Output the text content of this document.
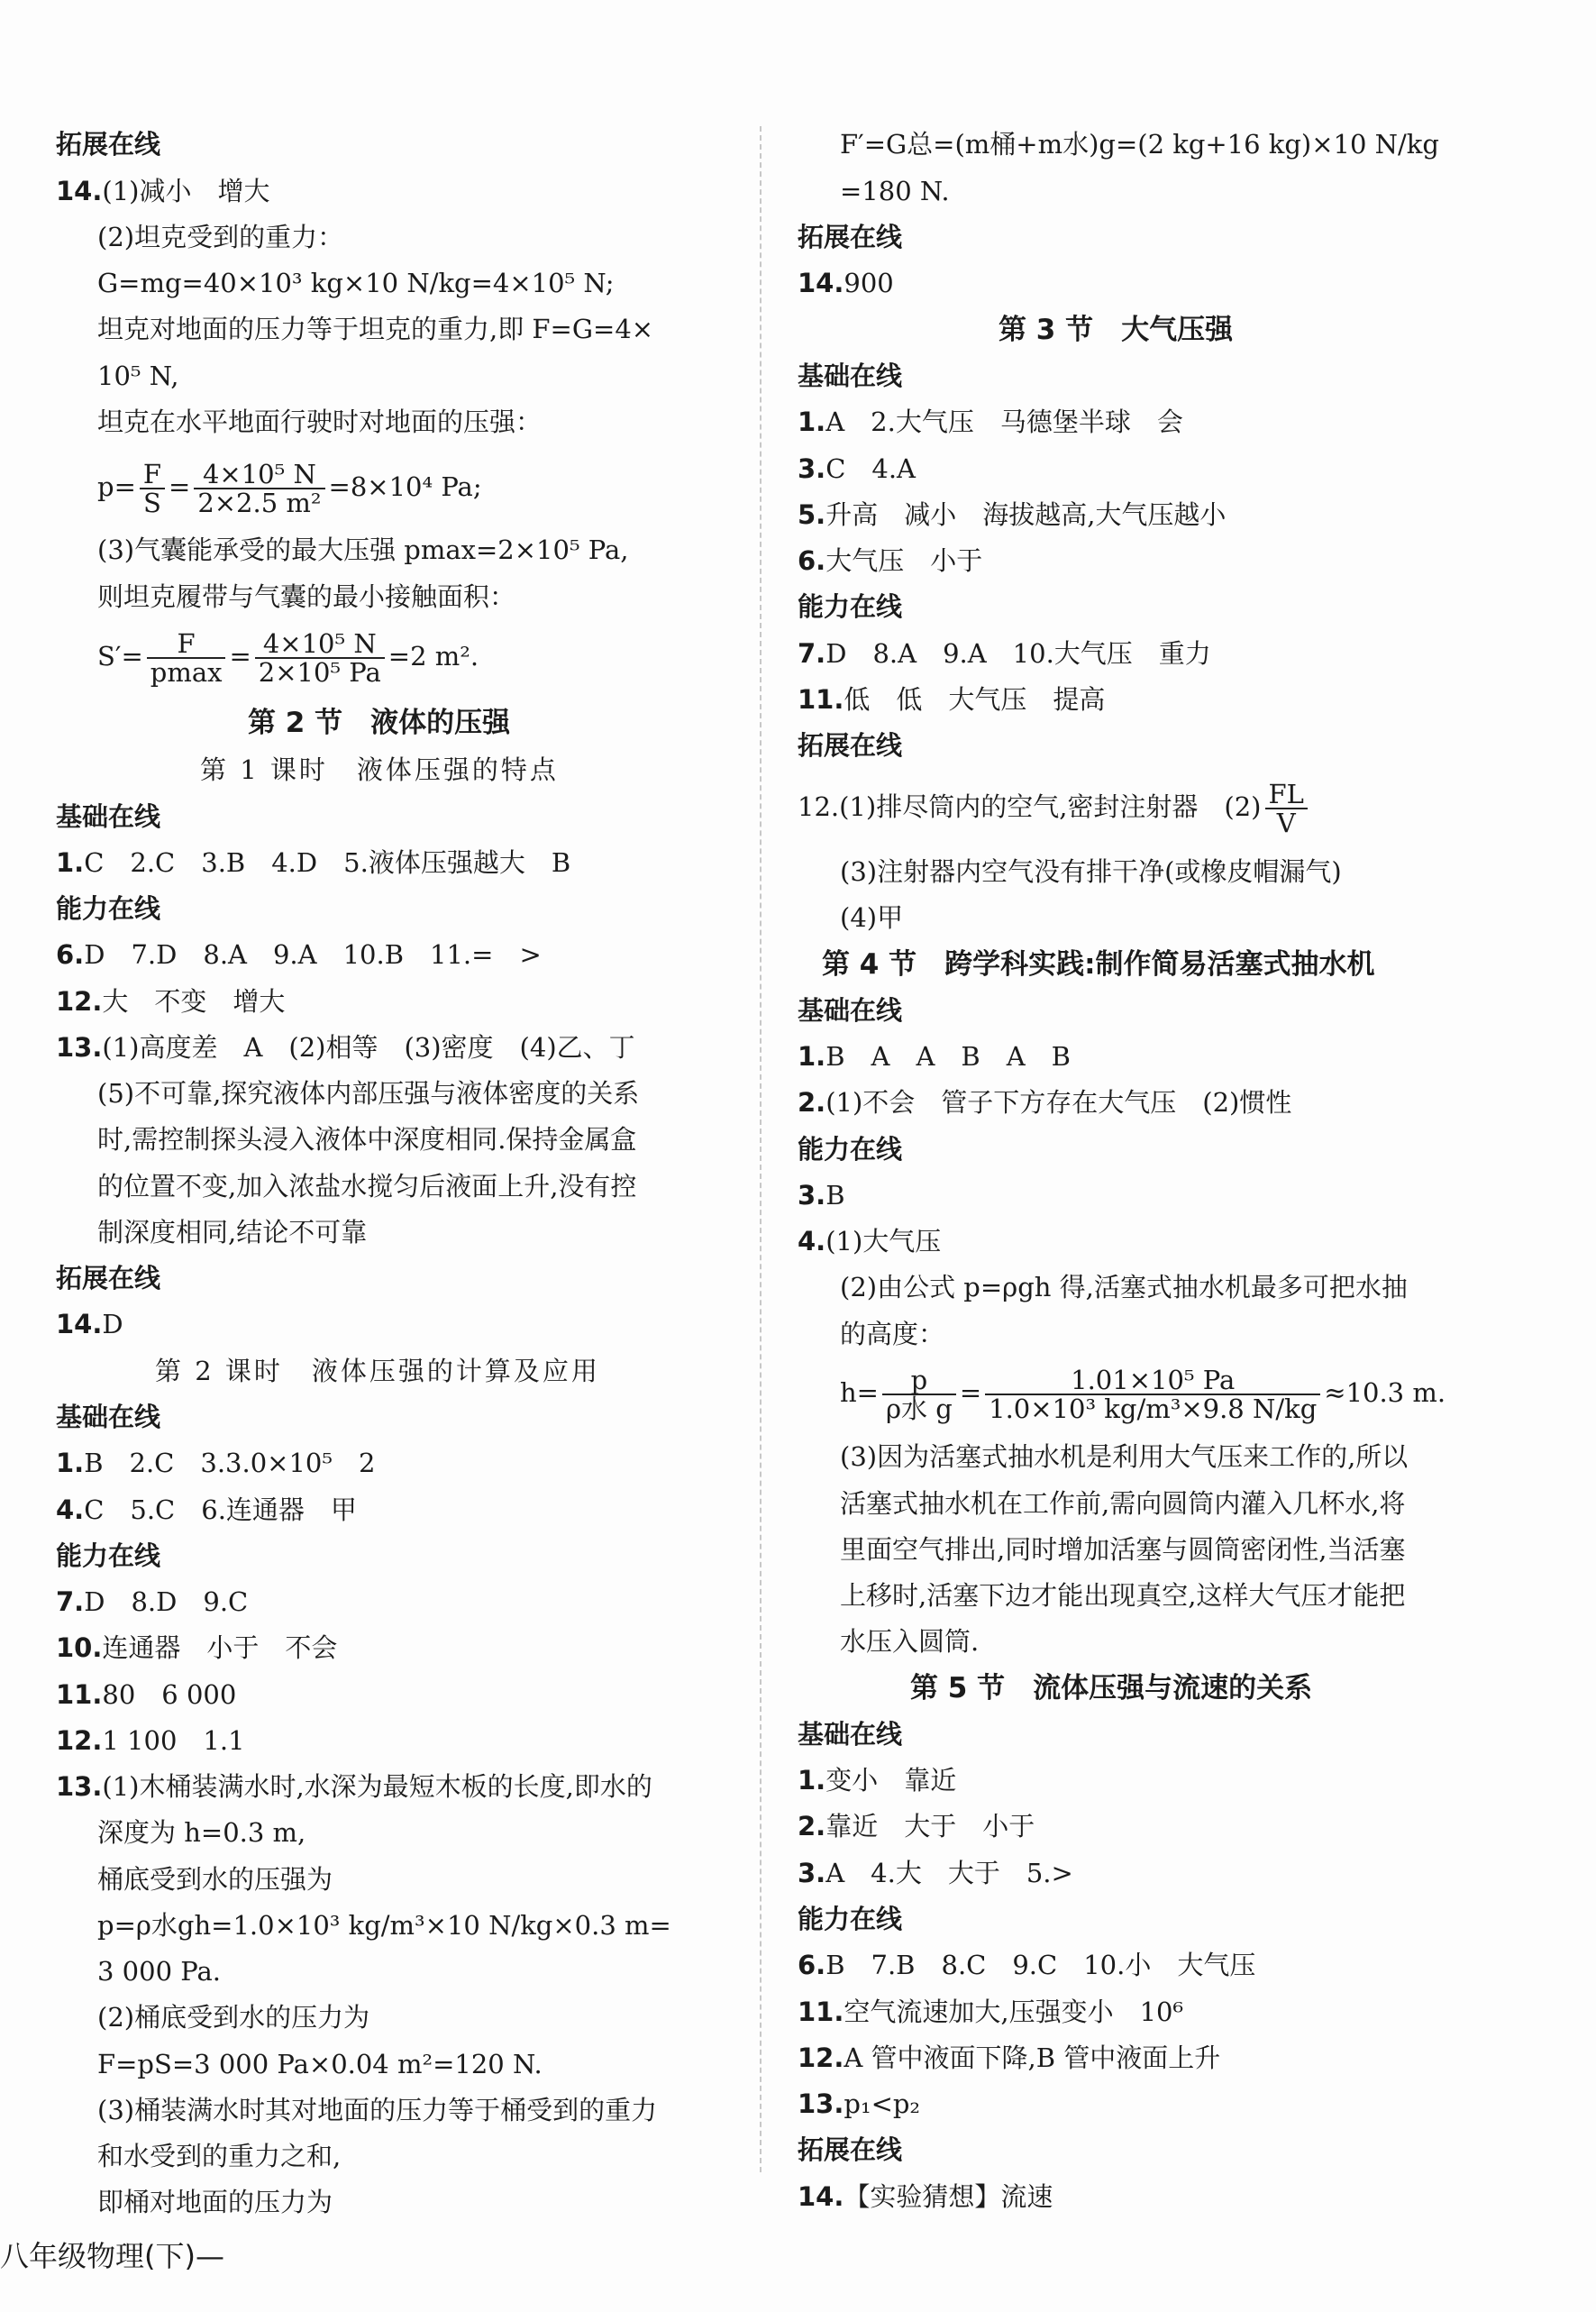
拓展在线
14.(1)减小　增大
(2)坦克受到的重力：
G=mg=40×10³ kg×10 N/kg=4×10⁵ N;
坦克对地面的压力等于坦克的重力,即 F=G=4×
10⁵ N,
坦克在水平地面行驶时对地面的压强：
$p= \frac{F}{S} = \frac{\text{4×10⁵ N}}{\text{2×2.5 m²}} =8\times 10^4$ Pa;
(3)气囊能承受的最大压强 pmax=2×10⁵ Pa,
则坦克履带与气囊的最小接触面积：
$S'= \frac{F}{pmax} = \frac{\text{4×10⁵ N}}{\text{2×10⁵ Pa}} =2$ m².
第 2 节　液体的压强
第 1 课时　液体压强的特点
基础在线
1.C　2.C　3.B　4.D　5.液体压强越大　B
能力在线
6.D　7.D　8.A　9.A　10.B　11.=　>
12.大　不变　增大
13.(1)高度差　A　(2)相等　(3)密度　(4)乙、丁
(5)不可靠,探究液体内部压强与液体密度的关系
时,需控制探头浸入液体中深度相同.保持金属盒
的位置不变,加入浓盐水搅匀后液面上升,没有控
制深度相同,结论不可靠
拓展在线
14.D
第 2 课时　液体压强的计算及应用
基础在线
1.B　2.C　3.3.0×10⁵　2
4.C　5.C　6.连通器　甲
能力在线
7.D　8.D　9.C
10.连通器　小于　不会
11.80　6 000
12.1 100　1.1
13.(1)木桶装满水时,水深为最短木板的长度,即水的
深度为 h=0.3 m,
桶底受到水的压强为
p=ρ水gh=1.0×10³ kg/m³×10 N/kg×0.3 m=
3 000 Pa.
(2)桶底受到水的压力为
F=pS=3 000 Pa×0.04 m²=120 N.
(3)桶装满水时其对地面的压力等于桶受到的重力
和水受到的重力之和,
即桶对地面的压力为
F′=G总=(m桶+m水)g=(2 kg+16 kg)×10 N/kg
=180 N.
拓展在线
14.900
第 3 节　大气压强
基础在线
1.A　2.大气压　马德堡半球　会
3.C　4.A
5.升高　减小　海拔越高,大气压越小
6.大气压　小于
能力在线
7.D　8.A　9.A　10.大气压　重力
11.低　低　大气压　提高
拓展在线
12.(1)排尽筒内的空气,密封注射器　$(2) \frac{FL}{V}$
(3)注射器内空气没有排干净(或橡皮帽漏气)
(4)甲
第 4 节　跨学科实践:制作简易活塞式抽水机
基础在线
1.B　A　A　B　A　B
2.(1)不会　管子下方存在大气压　(2)惯性
能力在线
3.B
4.(1)大气压
(2)由公式 p=ρgh 得,活塞式抽水机最多可把水抽
的高度：
$h= \frac{p}{\text{ρ水 g}} = \frac{\text{1.01×10⁵ Pa}}{\text{1.0×10³ kg/m³×9.8 N/kg}} \approx 10.3$ m.
(3)因为活塞式抽水机是利用大气压来工作的,所以
活塞式抽水机在工作前,需向圆筒内灌入几杯水,将
里面空气排出,同时增加活塞与圆筒密闭性,当活塞
上移时,活塞下边才能出现真空,这样大气压才能把
水压入圆筒.
第 5 节　流体压强与流速的关系
基础在线
1.变小　靠近
2.靠近　大于　小于
3.A　4.大　大于　5.>
能力在线
6.B　7.B　8.C　9.C　10.小　大气压
11.空气流速加大,压强变小　10⁶
12.A 管中液面下降,B 管中液面上升
13.p₁<p₂
拓展在线
14.【实验猜想】流速
八年级物理(下)—
